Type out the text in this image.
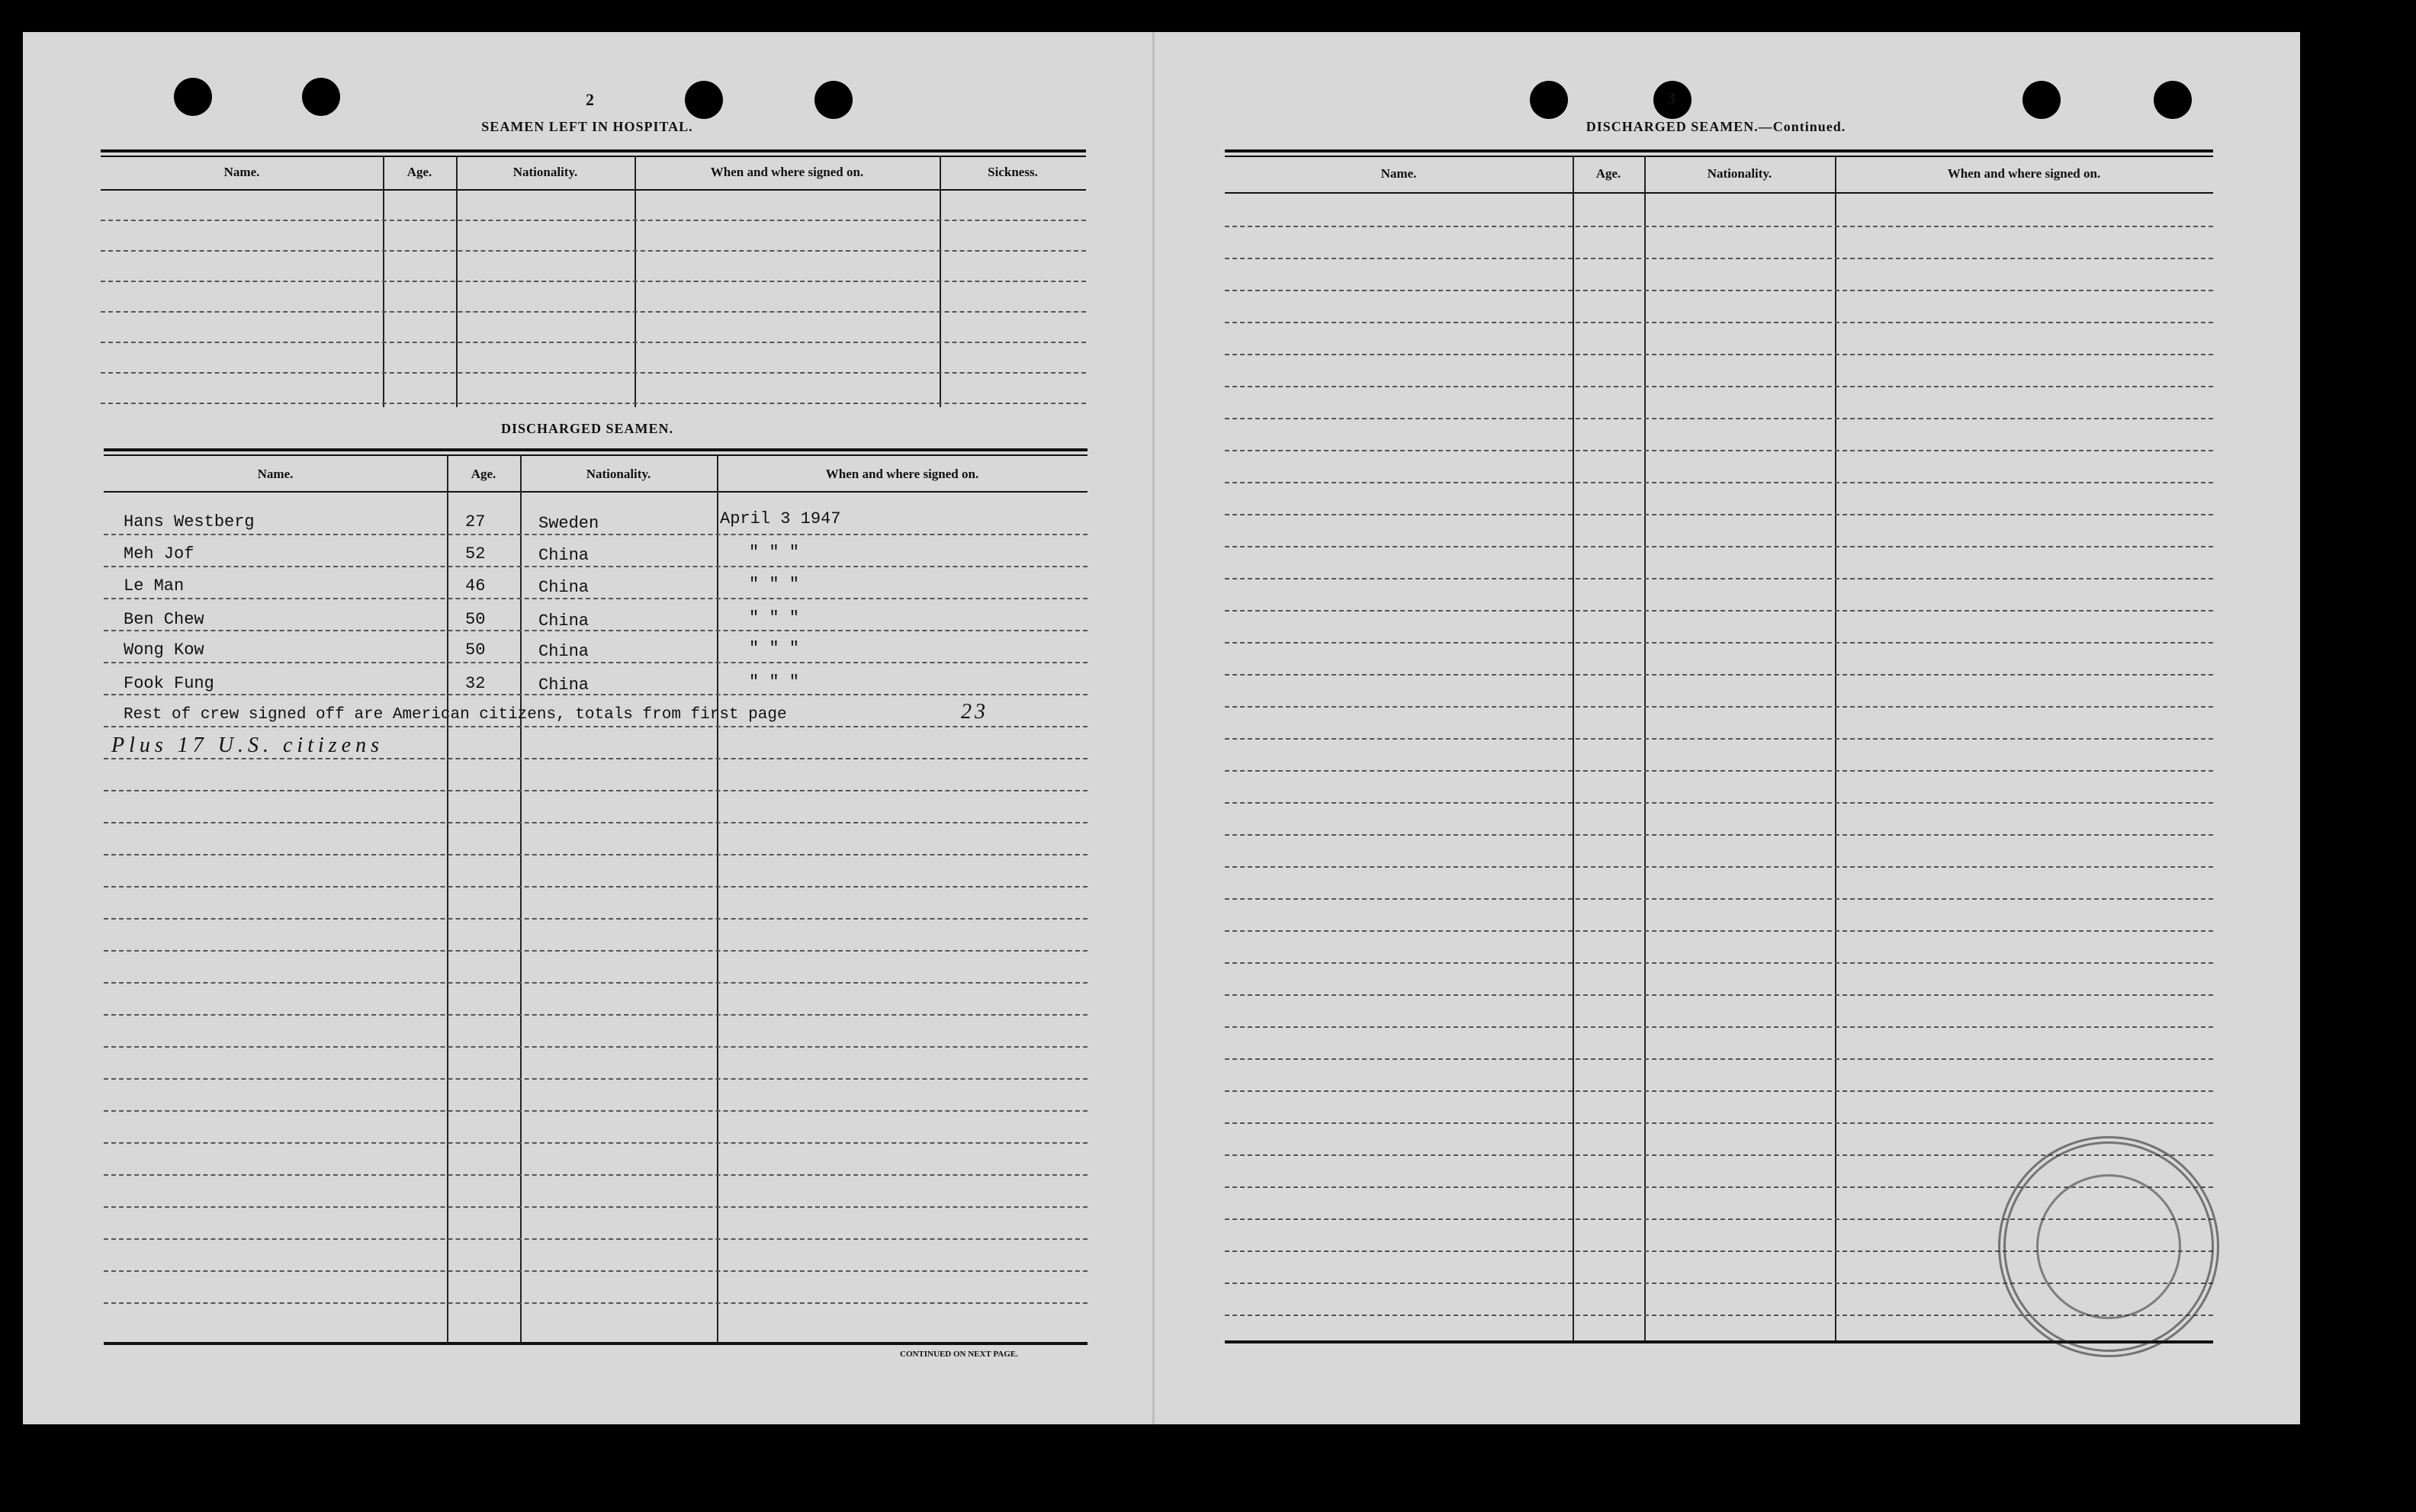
2
SEAMEN LEFT IN HOSPITAL.
Name.	Age.	Nationality.	When and where signed on.	Sickness.
DISCHARGED SEAMEN.
Name.	Age.	Nationality.	When and where signed on.
Hans Westberg	27	Sweden	April 3 1947
Meh Jof	52	China	" " "
Le Man	46	China	" " "
Ben Chew	50	China	" " "
Wong Kow	50	China	" " "
Fook Fung	32	China	" " "
Rest of crew signed off are American citizens, totals from first page	23
Plus 17 U.S. citizens
CONTINUED ON NEXT PAGE.
3
DISCHARGED SEAMEN.—Continued.
Name.	Age.	Nationality.	When and where signed on.
